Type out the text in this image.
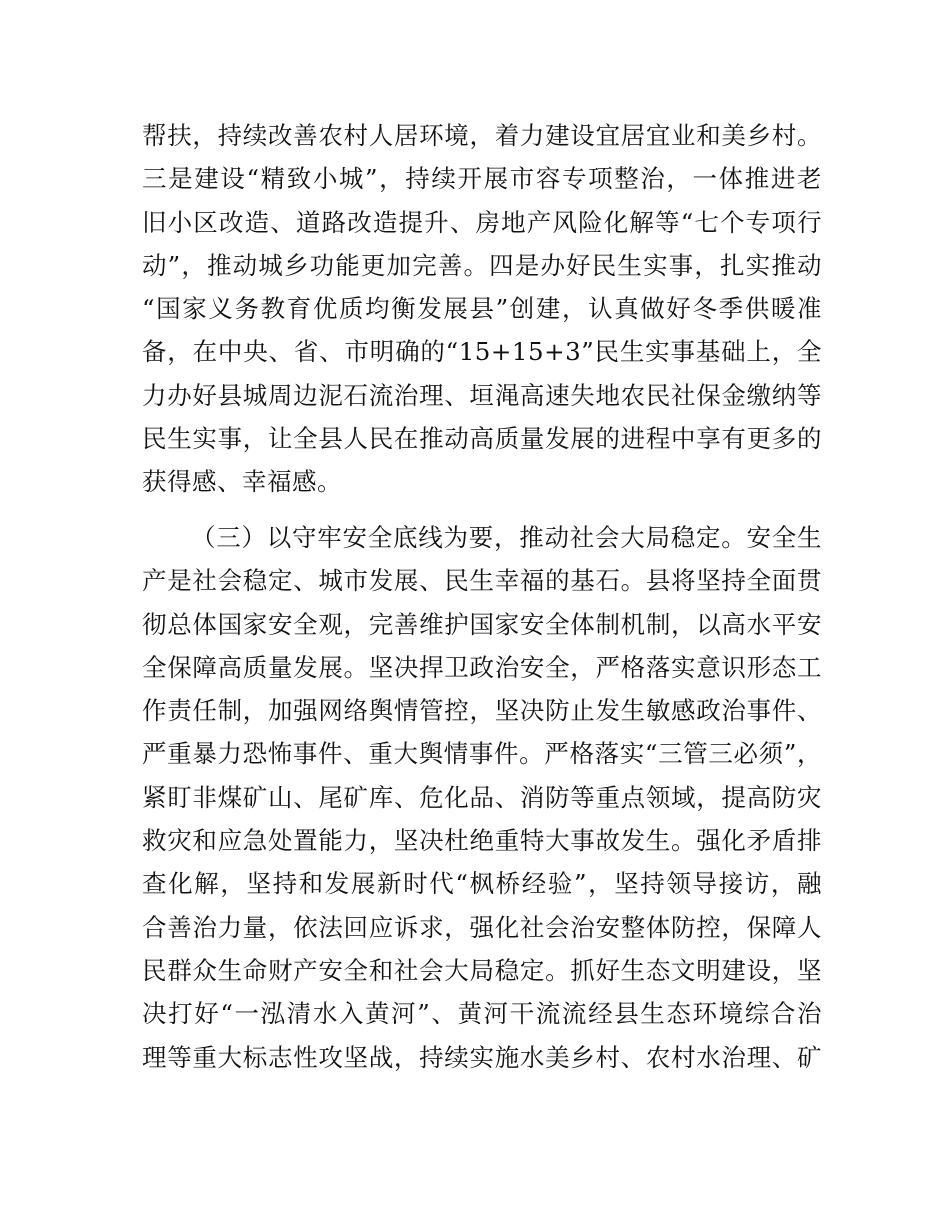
帮扶，持续改善农村人居环境，着力建设宜居宜业和美乡村。
三是建设“精致小城”，持续开展市容专项整治，一体推进老
旧小区改造、道路改造提升、房地产风险化解等“七个专项行
动”，推动城乡功能更加完善。四是办好民生实事，扎实推动
“国家义务教育优质均衡发展县”创建，认真做好冬季供暖准
备，在中央、省、市明确的“15+15+3”民生实事基础上，全
力办好县城周边泥石流治理、垣渑高速失地农民社保金缴纳等
民生实事，让全县人民在推动高质量发展的进程中享有更多的
获得感、幸福感。
（三）以守牢安全底线为要，推动社会大局稳定。安全生
产是社会稳定、城市发展、民生幸福的基石。县将坚持全面贯
彻总体国家安全观，完善维护国家安全体制机制，以高水平安
全保障高质量发展。坚决捍卫政治安全，严格落实意识形态工
作责任制，加强网络舆情管控，坚决防止发生敏感政治事件、
严重暴力恐怖事件、重大舆情事件。严格落实“三管三必须”，
紧盯非煤矿山、尾矿库、危化品、消防等重点领域，提高防灾
救灾和应急处置能力，坚决杜绝重特大事故发生。强化矛盾排
查化解，坚持和发展新时代“枫桥经验”，坚持领导接访，融
合善治力量，依法回应诉求，强化社会治安整体防控，保障人
民群众生命财产安全和社会大局稳定。抓好生态文明建设，坚
决打好“一泓清水入黄河”、黄河干流流经县生态环境综合治
理等重大标志性攻坚战，持续实施水美乡村、农村水治理、矿
